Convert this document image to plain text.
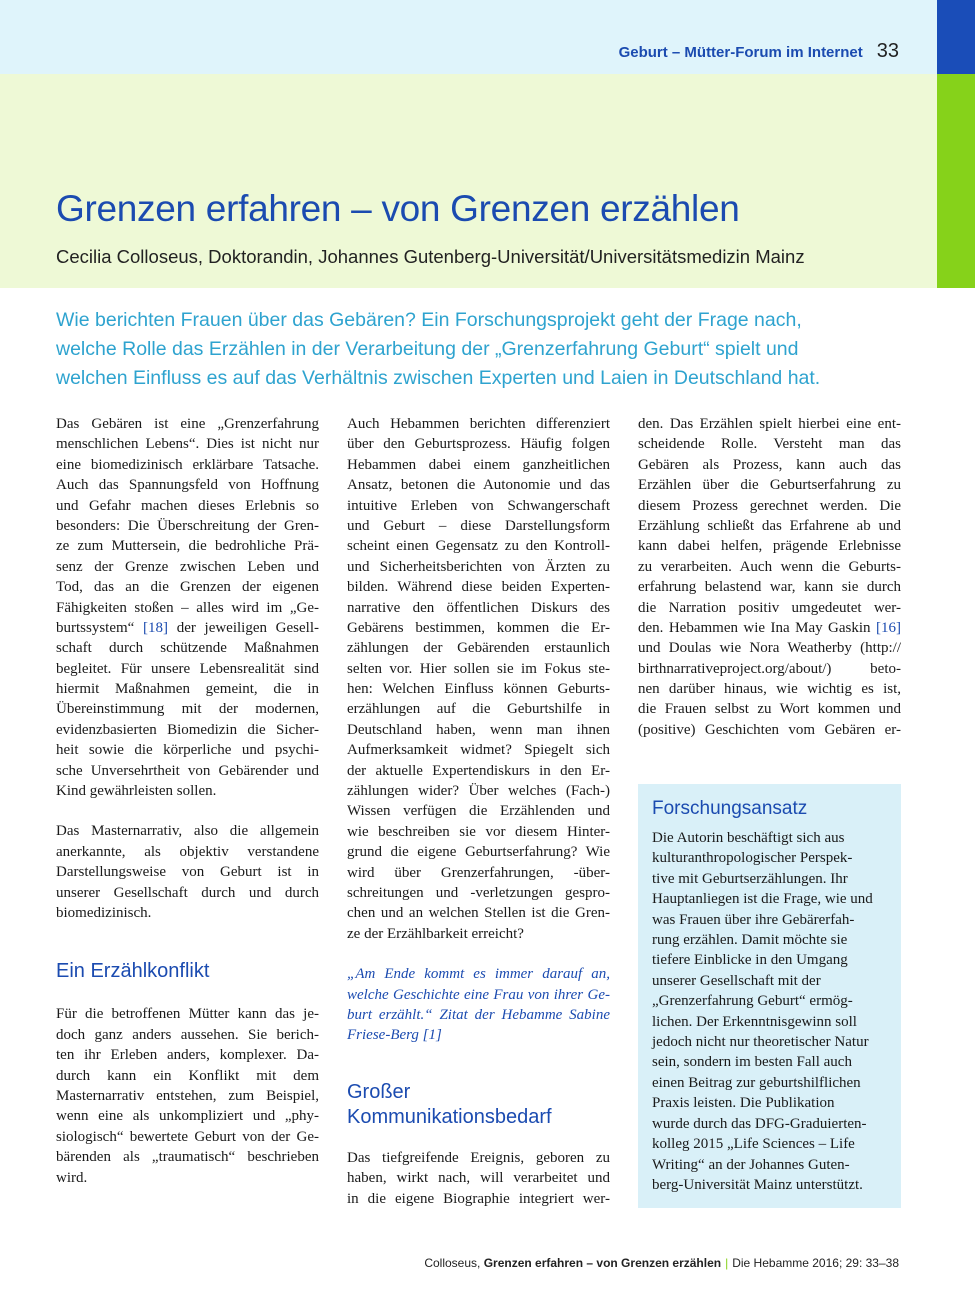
Geburt – Mütter-Forum im Internet 33
Grenzen erfahren – von Grenzen erzählen
Cecilia Colloseus, Doktorandin, Johannes Gutenberg-Universität/Universitätsmedizin Mainz
Wie berichten Frauen über das Gebären? Ein Forschungsprojekt geht der Frage nach,
welche Rolle das Erzählen in der Verarbeitung der „Grenzerfahrung Geburt“ spielt und
welchen Einfluss es auf das Verhältnis zwischen Experten und Laien in Deutschland hat.
Das Gebären ist eine „Grenzerfahrung
menschlichen Lebens“. Dies ist nicht nur
eine biomedizinisch erklärbare Tatsache.
Auch das Spannungsfeld von Hoffnung
und Gefahr machen dieses Erlebnis so
besonders: Die Überschreitung der Gren-
ze zum Muttersein, die bedrohliche Prä-
senz der Grenze zwischen Leben und
Tod, das an die Grenzen der eigenen
Fähigkeiten stoßen – alles wird im „Ge-
burtssystem“ [18] der jeweiligen Gesell-
schaft durch schützende Maßnahmen
begleitet. Für unsere Lebensrealität sind
hiermit Maßnahmen gemeint, die in
Übereinstimmung mit der modernen,
evidenzbasierten Biomedizin die Sicher-
heit sowie die körperliche und psychi-
sche Unversehrtheit von Gebärender und
Kind gewährleisten sollen.
Das Masternarrativ, also die allgemein
anerkannte, als objektiv verstandene
Darstellungsweise von Geburt ist in
unserer Gesellschaft durch und durch
biomedizinisch.
Ein Erzählkonflikt
Für die betroffenen Mütter kann das je-
doch ganz anders aussehen. Sie berich-
ten ihr Erleben anders, komplexer. Da-
durch kann ein Konflikt mit dem
Masternarrativ entstehen, zum Beispiel,
wenn eine als unkompliziert und „phy-
siologisch“ bewertete Geburt von der Ge-
bärenden als „traumatisch“ beschrieben
wird.
Auch Hebammen berichten differenziert
über den Geburtsprozess. Häufig folgen
Hebammen dabei einem ganzheitlichen
Ansatz, betonen die Autonomie und das
intuitive Erleben von Schwangerschaft
und Geburt – diese Darstellungsform
scheint einen Gegensatz zu den Kontroll-
und Sicherheitsberichten von Ärzten zu
bilden. Während diese beiden Experten-
narrative den öffentlichen Diskurs des
Gebärens bestimmen, kommen die Er-
zählungen der Gebärenden erstaunlich
selten vor. Hier sollen sie im Fokus ste-
hen: Welchen Einfluss können Geburts-
erzählungen auf die Geburtshilfe in
Deutschland haben, wenn man ihnen
Aufmerksamkeit widmet? Spiegelt sich
der aktuelle Expertendiskurs in den Er-
zählungen wider? Über welches (Fach-)
Wissen verfügen die Erzählenden und
wie beschreiben sie vor diesem Hinter-
grund die eigene Geburtserfahrung? Wie
wird über Grenzerfahrungen, -über-
schreitungen und -verletzungen gespro-
chen und an welchen Stellen ist die Gren-
ze der Erzählbarkeit erreicht?
„Am Ende kommt es immer darauf an,
welche Geschichte eine Frau von ihrer Ge-
burt erzählt.“ Zitat der Hebamme Sabine
Friese-Berg [1]
Großer
Kommunikationsbedarf
Das tiefgreifende Ereignis, geboren zu
haben, wirkt nach, will verarbeitet und
in die eigene Biographie integriert wer-
den. Das Erzählen spielt hierbei eine ent-
scheidende Rolle. Versteht man das
Gebären als Prozess, kann auch das
Erzählen über die Geburtserfahrung zu
diesem Prozess gerechnet werden. Die
Erzählung schließt das Erfahrene ab und
kann dabei helfen, prägende Erlebnisse
zu verarbeiten. Auch wenn die Geburts-
erfahrung belastend war, kann sie durch
die Narration positiv umgedeutet wer-
den. Hebammen wie Ina May Gaskin [16]
und Doulas wie Nora Weatherby (http://
birthnarrativeproject.org/about/) beto-
nen darüber hinaus, wie wichtig es ist,
die Frauen selbst zu Wort kommen und
(positive) Geschichten vom Gebären er-
Forschungsansatz
Die Autorin beschäftigt sich aus
kulturanthropologischer Perspek-
tive mit Geburtserzählungen. Ihr
Hauptanliegen ist die Frage, wie und
was Frauen über ihre Gebärerfah-
rung erzählen. Damit möchte sie
tiefere Einblicke in den Umgang
unserer Gesellschaft mit der
„Grenzerfahrung Geburt“ ermög-
lichen. Der Erkenntnisgewinn soll
jedoch nicht nur theoretischer Natur
sein, sondern im besten Fall auch
einen Beitrag zur geburtshilflichen
Praxis leisten. Die Publikation
wurde durch das DFG-Graduierten-
kolleg 2015 „Life Sciences – Life
Writing“ an der Johannes Guten-
berg-Universität Mainz unterstützt.
Colloseus, Grenzen erfahren – von Grenzen erzählen | Die Hebamme 2016; 29: 33–38
